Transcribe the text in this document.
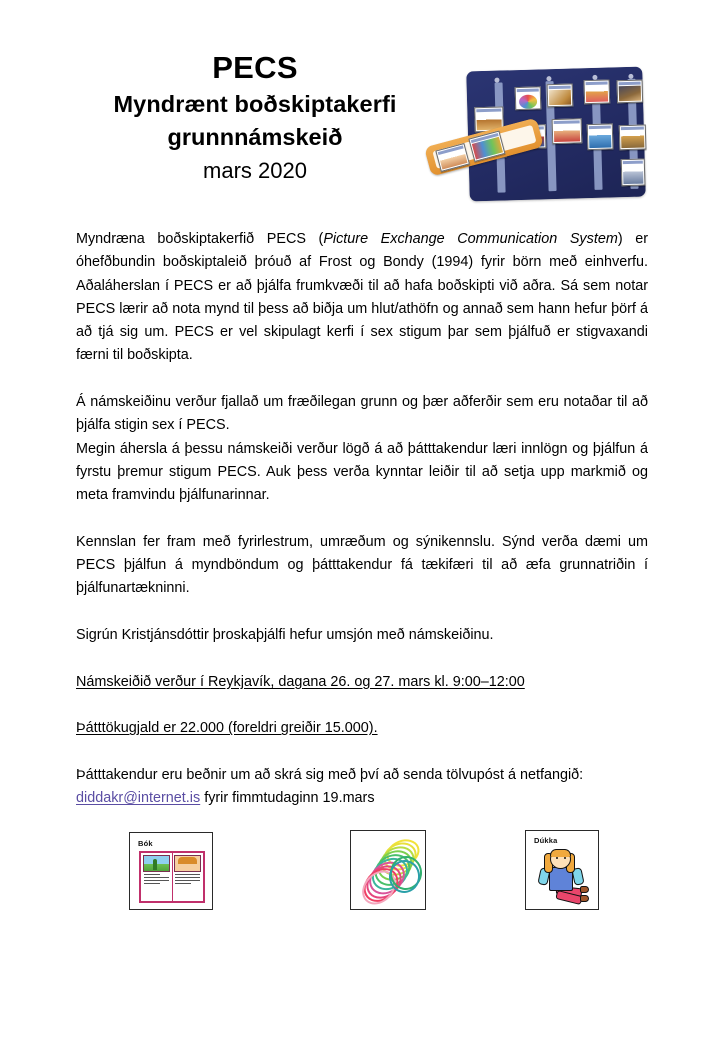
PECS
Myndrænt boðskiptakerfi
grunnnámskeið
mars 2020

Myndræna boðskiptakerfið PECS (Picture Exchange Communication System) er óhefðbundin boðskiptaleið þróuð af Frost og Bondy (1994) fyrir börn með einhverfu. Aðaláherslan í PECS er að þjálfa frumkvæði til að hafa boðskipti við aðra. Sá sem notar PECS lærir að nota mynd til þess að biðja um hlut/athöfn og annað sem hann hefur þörf á að tjá sig um. PECS er vel skipulagt kerfi í sex stigum þar sem þjálfuð er stigvaxandi færni til boðskipta.

Á námskeiðinu verður fjallað um fræðilegan grunn og þær aðferðir sem eru notaðar til að þjálfa stigin sex í PECS.

Megin áhersla á þessu námskeiði verður lögð á að þátttakendur læri innlögn og þjálfun á fyrstu þremur stigum PECS. Auk þess verða kynntar leiðir til að setja upp markmið og meta framvindu þjálfunarinnar.

Kennslan fer fram með fyrirlestrum, umræðum og sýnikennslu. Sýnd verða dæmi um PECS þjálfun á myndböndum og þátttakendur fá tækifæri til að æfa grunnatriðin í þjálfunartækninni.

Sigrún Kristjánsdóttir þroskaþjálfi hefur umsjón með námskeiðinu.

Námskeiðið verður í Reykjavík, dagana 26. og 27. mars kl. 9:00–12:00

Þátttökugjald er 22.000 (foreldri greiðir 15.000).

Þátttakendur eru beðnir um að skrá sig með því að senda tölvupóst á netfangið:
diddakr@internet.is fyrir fimmtudaginn 19.mars

Bók	Dúkka
